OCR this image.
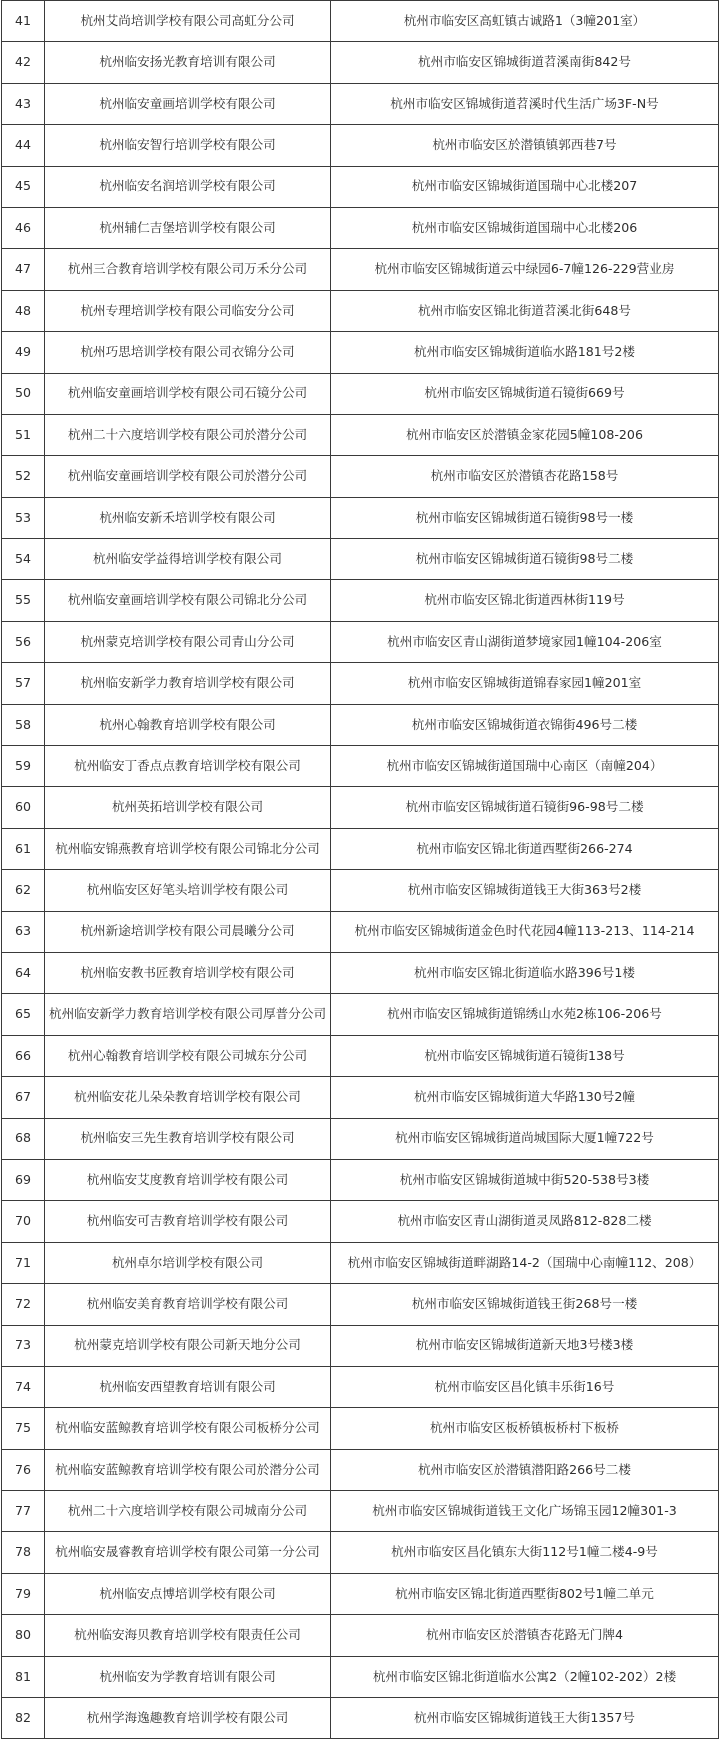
41	杭州艾尚培训学校有限公司高虹分公司	杭州市临安区高虹镇古诚路1（3幢201室）
42	杭州临安扬光教育培训有限公司	杭州市临安区锦城街道苕溪南街842号
43	杭州临安童画培训学校有限公司	杭州市临安区锦城街道苕溪时代生活广场3F-N号
44	杭州临安智行培训学校有限公司	杭州市临安区於潜镇镇郭西巷7号
45	杭州临安名润培训学校有限公司	杭州市临安区锦城街道国瑞中心北楼207
46	杭州辅仁吉堡培训学校有限公司	杭州市临安区锦城街道国瑞中心北楼206
47	杭州三合教育培训学校有限公司万禾分公司	杭州市临安区锦城街道云中绿园6-7幢126-229营业房
48	杭州专理培训学校有限公司临安分公司	杭州市临安区锦北街道苕溪北街648号
49	杭州巧思培训学校有限公司衣锦分公司	杭州市临安区锦城街道临水路181号2楼
50	杭州临安童画培训学校有限公司石镜分公司	杭州市临安区锦城街道石镜街669号
51	杭州二十六度培训学校有限公司於潜分公司	杭州市临安区於潜镇金家花园5幢108-206
52	杭州临安童画培训学校有限公司於潜分公司	杭州市临安区於潜镇杏花路158号
53	杭州临安新禾培训学校有限公司	杭州市临安区锦城街道石镜街98号一楼
54	杭州临安学益得培训学校有限公司	杭州市临安区锦城街道石镜街98号二楼
55	杭州临安童画培训学校有限公司锦北分公司	杭州市临安区锦北街道西林街119号
56	杭州蒙克培训学校有限公司青山分公司	杭州市临安区青山湖街道梦境家园1幢104-206室
57	杭州临安新学力教育培训学校有限公司	杭州市临安区锦城街道锦春家园1幢201室
58	杭州心翰教育培训学校有限公司	杭州市临安区锦城街道衣锦街496号二楼
59	杭州临安丁香点点教育培训学校有限公司	杭州市临安区锦城街道国瑞中心南区（南幢204）
60	杭州英拓培训学校有限公司	杭州市临安区锦城街道石镜街96-98号二楼
61	杭州临安锦燕教育培训学校有限公司锦北分公司	杭州市临安区锦北街道西墅街266-274
62	杭州临安区好笔头培训学校有限公司	杭州市临安区锦城街道钱王大街363号2楼
63	杭州新途培训学校有限公司晨曦分公司	杭州市临安区锦城街道金色时代花园4幢113-213、114-214
64	杭州临安教书匠教育培训学校有限公司	杭州市临安区锦北街道临水路396号1楼
65	杭州临安新学力教育培训学校有限公司厚普分公司	杭州市临安区锦城街道锦绣山水苑2栋106-206号
66	杭州心翰教育培训学校有限公司城东分公司	杭州市临安区锦城街道石镜街138号
67	杭州临安花儿朵朵教育培训学校有限公司	杭州市临安区锦城街道大华路130号2幢
68	杭州临安三先生教育培训学校有限公司	杭州市临安区锦城街道尚城国际大厦1幢722号
69	杭州临安艾度教育培训学校有限公司	杭州市临安区锦城街道城中街520-538号3楼
70	杭州临安可吉教育培训学校有限公司	杭州市临安区青山湖街道灵凤路812-828二楼
71	杭州卓尔培训学校有限公司	杭州市临安区锦城街道畔湖路14-2（国瑞中心南幢112、208）
72	杭州临安美育教育培训学校有限公司	杭州市临安区锦城街道钱王街268号一楼
73	杭州蒙克培训学校有限公司新天地分公司	杭州市临安区锦城街道新天地3号楼3楼
74	杭州临安西望教育培训有限公司	杭州市临安区昌化镇丰乐街16号
75	杭州临安蓝鲸教育培训学校有限公司板桥分公司	杭州市临安区板桥镇板桥村下板桥
76	杭州临安蓝鲸教育培训学校有限公司於潜分公司	杭州市临安区於潜镇潜阳路266号二楼
77	杭州二十六度培训学校有限公司城南分公司	杭州市临安区锦城街道钱王文化广场锦玉园12幢301-3
78	杭州临安晟睿教育培训学校有限公司第一分公司	杭州市临安区昌化镇东大街112号1幢二楼4-9号
79	杭州临安点博培训学校有限公司	杭州市临安区锦北街道西墅街802号1幢二单元
80	杭州临安海贝教育培训学校有限责任公司	杭州市临安区於潜镇杏花路无门牌4
81	杭州临安为学教育培训有限公司	杭州市临安区锦北街道临水公寓2（2幢102-202）2楼
82	杭州学海逸趣教育培训学校有限公司	杭州市临安区锦城街道钱王大街1357号
